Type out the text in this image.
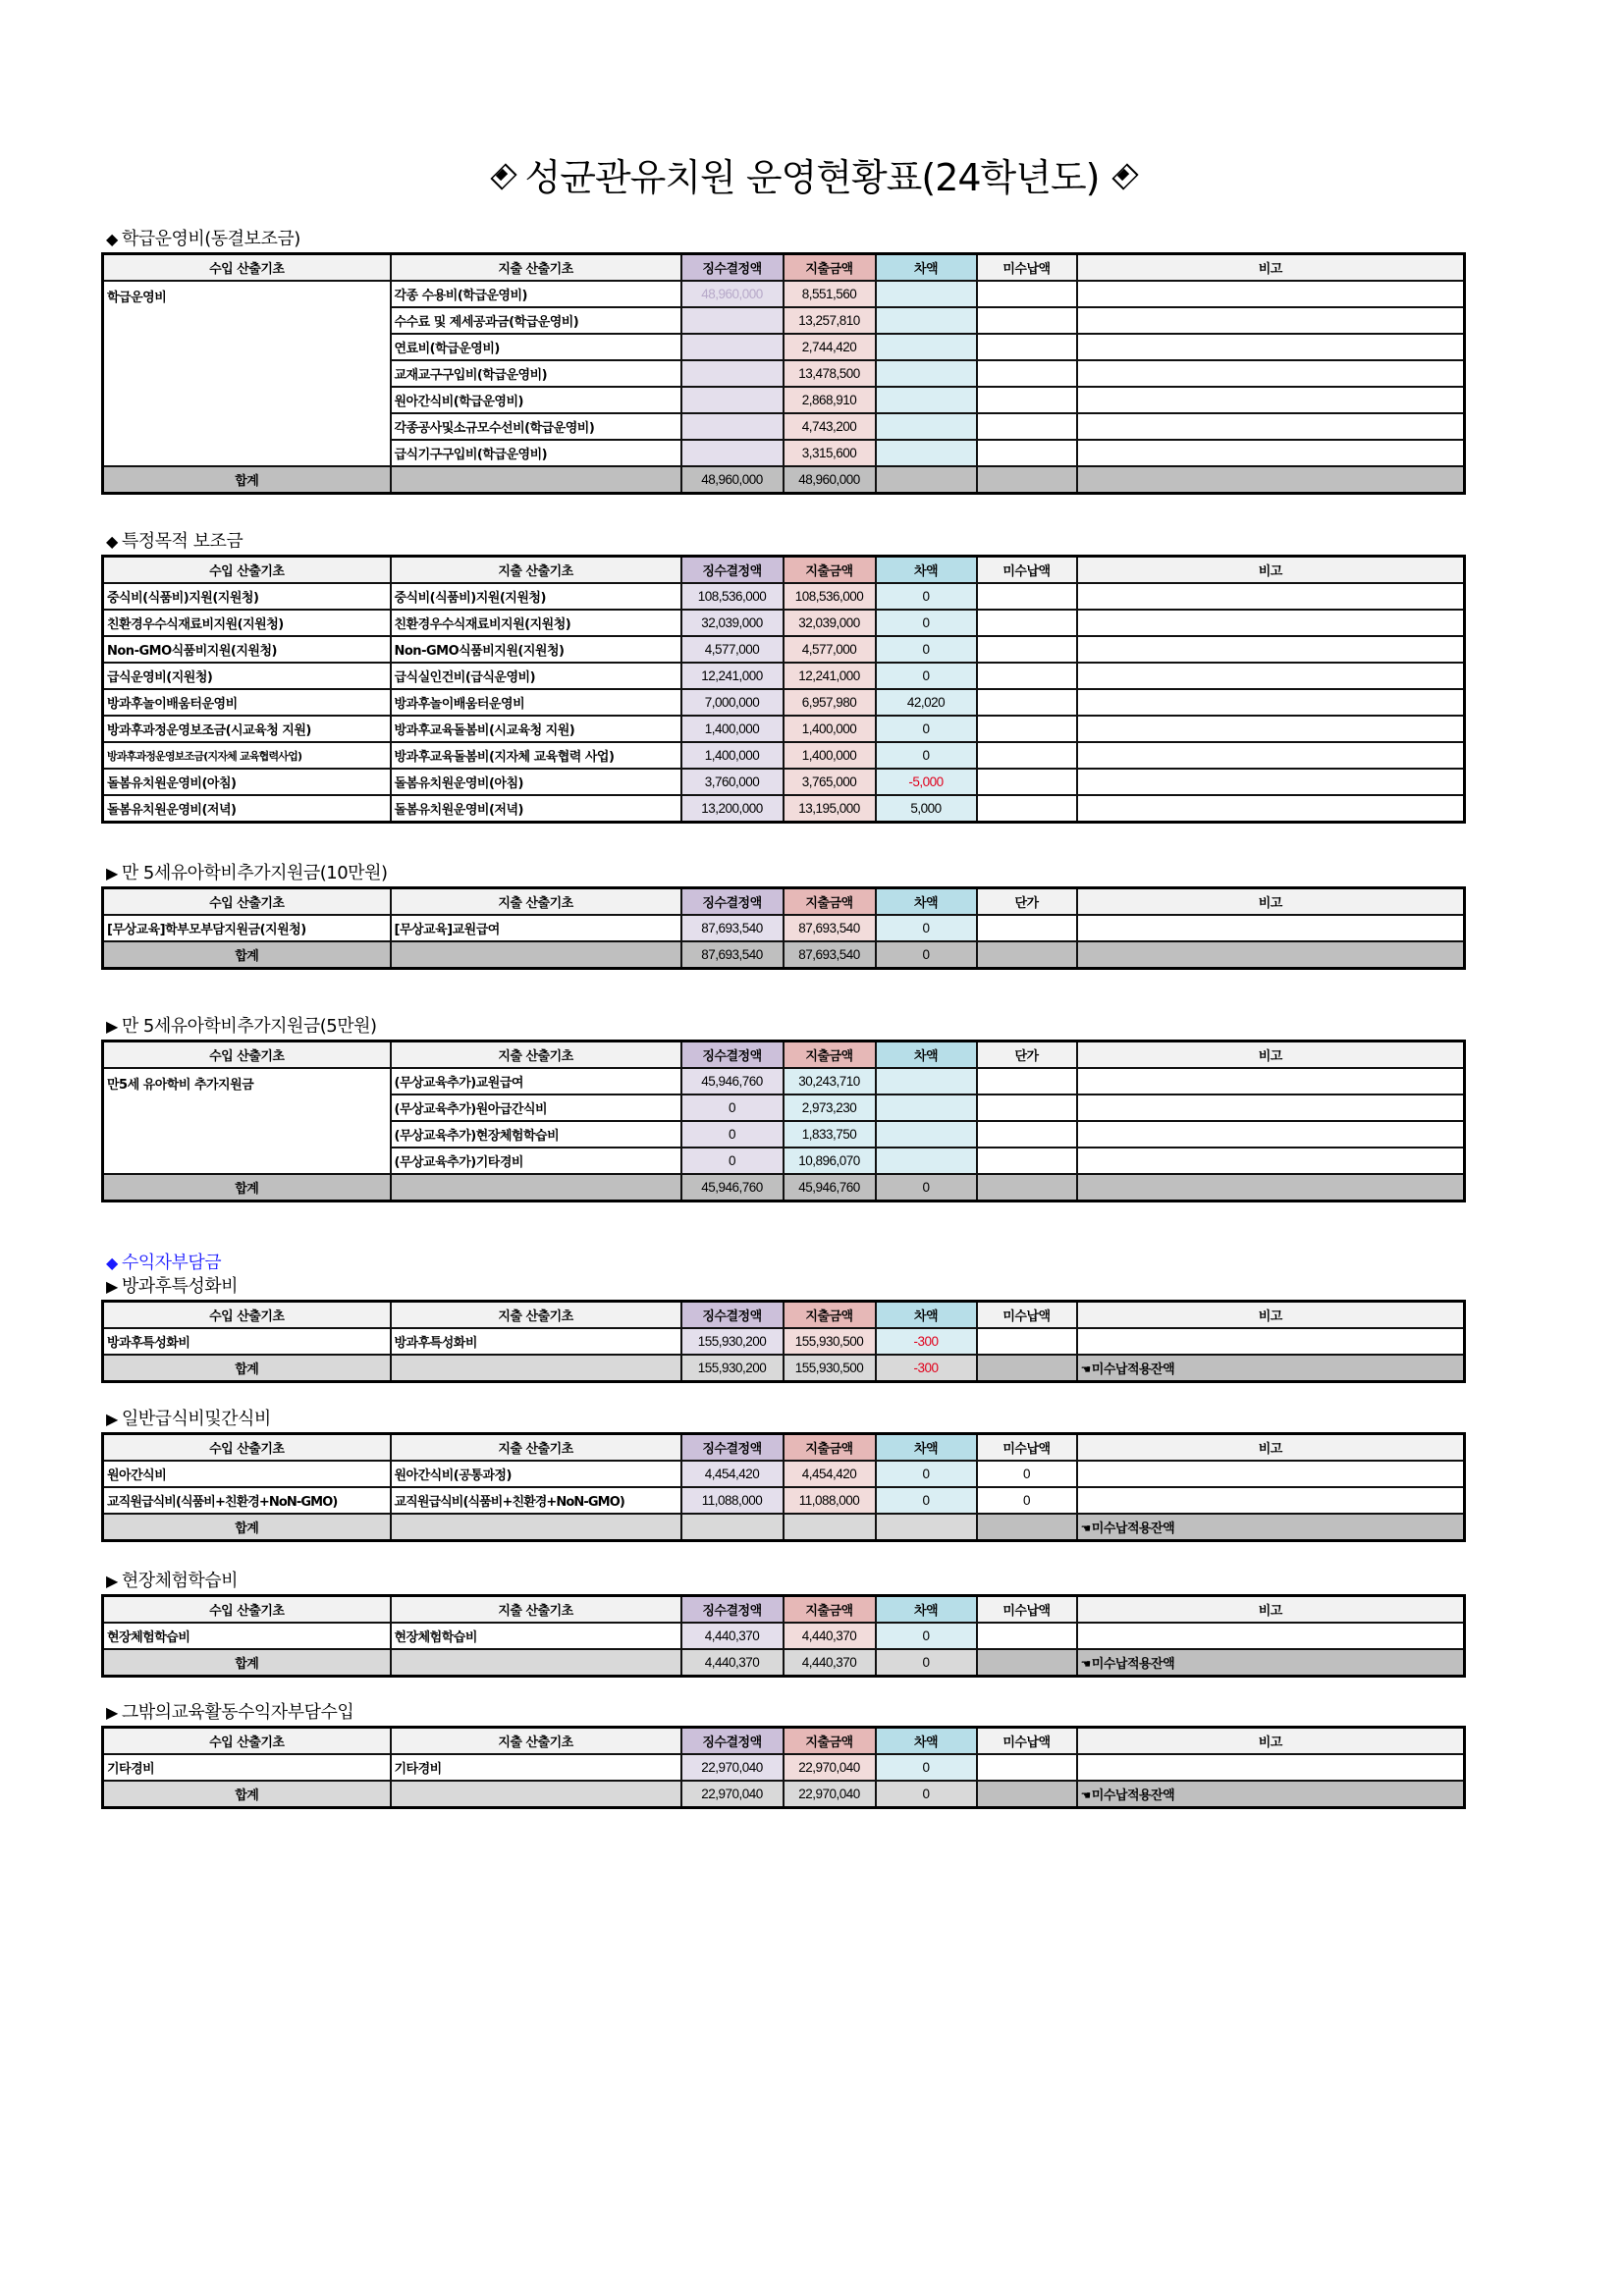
성균관유치원 운영현황표(24학년도)
◆ 학급운영비(동결보조금)
수입 산출기초	지출 산출기초	징수결정액	지출금액	차액	미수납액	비고
학급운영비	각종 수용비(학급운영비)	48,960,000	8,551,560			
	수수료 및 제세공과금(학급운영비)		13,257,810			
	연료비(학급운영비)		2,744,420			
	교재교구구입비(학급운영비)		13,478,500			
	원아간식비(학급운영비)		2,868,910			
	각종공사및소규모수선비(학급운영비)		4,743,200			
	급식기구구입비(학급운영비)		3,315,600			
합계		48,960,000	48,960,000			
◆ 특정목적 보조금
수입 산출기초	지출 산출기초	징수결정액	지출금액	차액	미수납액	비고
중식비(식품비)지원(지원청)	중식비(식품비)지원(지원청)	108,536,000	108,536,000	0		
친환경우수식재료비지원(지원청)	친환경우수식재료비지원(지원청)	32,039,000	32,039,000	0		
Non-GMO식품비지원(지원청)	Non-GMO식품비지원(지원청)	4,577,000	4,577,000	0		
급식운영비(지원청)	급식실인건비(급식운영비)	12,241,000	12,241,000	0		
방과후놀이배움터운영비	방과후놀이배움터운영비	7,000,000	6,957,980	42,020		
방과후과정운영보조금(시교육청 지원)	방과후교육돌봄비(시교육청 지원)	1,400,000	1,400,000	0		
방과후과정운영보조금(지자체 교육협력사업)	방과후교육돌봄비(지자체 교육협력 사업)	1,400,000	1,400,000	0		
돌봄유치원운영비(아침)	돌봄유치원운영비(아침)	3,760,000	3,765,000	-5,000		
돌봄유치원운영비(저녁)	돌봄유치원운영비(저녁)	13,200,000	13,195,000	5,000		
▶ 만 5세유아학비추가지원금(10만원)
수입 산출기초	지출 산출기초	징수결정액	지출금액	차액	단가	비고
[무상교육]학부모부담지원금(지원청)	[무상교육]교원급여	87,693,540	87,693,540	0		
합계		87,693,540	87,693,540	0		
▶ 만 5세유아학비추가지원금(5만원)
수입 산출기초	지출 산출기초	징수결정액	지출금액	차액	단가	비고
만5세 유아학비 추가지원금	(무상교육추가)교원급여	45,946,760	30,243,710			
	(무상교육추가)원아급간식비	0	2,973,230			
	(무상교육추가)현장체험학습비	0	1,833,750			
	(무상교육추가)기타경비	0	10,896,070			
합계		45,946,760	45,946,760	0		
◆ 수익자부담금
▶ 방과후특성화비
수입 산출기초	지출 산출기초	징수결정액	지출금액	차액	미수납액	비고
방과후특성화비	방과후특성화비	155,930,200	155,930,500	-300		
합계		155,930,200	155,930,500	-300		☚미수납적용잔액
▶ 일반급식비및간식비
수입 산출기초	지출 산출기초	징수결정액	지출금액	차액	미수납액	비고
원아간식비	원아간식비(공통과정)	4,454,420	4,454,420	0	0	
교직원급식비(식품비+친환경+NoN-GMO)	교직원급식비(식품비+친환경+NoN-GMO)	11,088,000	11,088,000	0	0	
합계						☚미수납적용잔액
▶ 현장체험학습비
수입 산출기초	지출 산출기초	징수결정액	지출금액	차액	미수납액	비고
현장체험학습비	현장체험학습비	4,440,370	4,440,370	0		
합계		4,440,370	4,440,370	0		☚미수납적용잔액
▶ 그밖의교육활동수익자부담수입
수입 산출기초	지출 산출기초	징수결정액	지출금액	차액	미수납액	비고
기타경비	기타경비	22,970,040	22,970,040	0		
합계		22,970,040	22,970,040	0		☚미수납적용잔액
